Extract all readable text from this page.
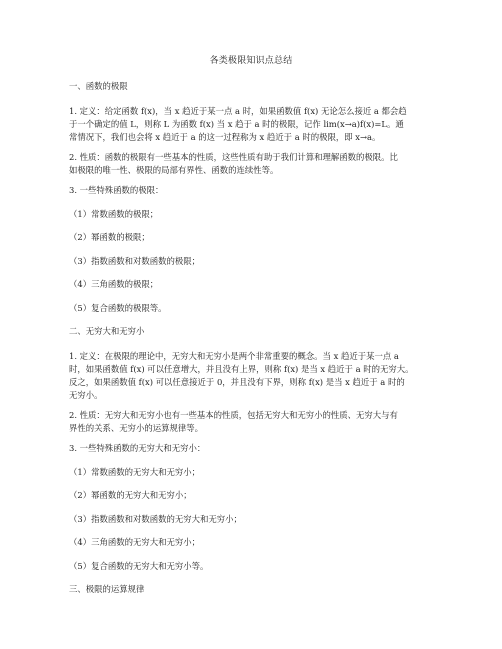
各类极限知识点总结
一、函数的极限
1. 定义：给定函数 f(x)，当 x 趋近于某一点 a 时，如果函数值 f(x) 无论怎么接近 a 都会趋
于一个确定的值 L，则称 L 为函数 f(x) 当 x 趋于 a 时的极限，记作 lim(x→a)f(x)=L。通
常情况下，我们也会将 x 趋近于 a 的这一过程称为 x 趋近于 a 时的极限，即 x→a。
2. 性质：函数的极限有一些基本的性质，这些性质有助于我们计算和理解函数的极限。比
如极限的唯一性、极限的局部有界性、函数的连续性等。
3. 一些特殊函数的极限：
（1）常数函数的极限；
（2）幂函数的极限；
（3）指数函数和对数函数的极限；
（4）三角函数的极限；
（5）复合函数的极限等。
二、无穷大和无穷小
1. 定义：在极限的理论中，无穷大和无穷小是两个非常重要的概念。当 x 趋近于某一点 a
时，如果函数值 f(x) 可以任意增大，并且没有上界，则称 f(x) 是当 x 趋近于 a 时的无穷大。
反之，如果函数值 f(x) 可以任意接近于 0，并且没有下界，则称 f(x) 是当 x 趋近于 a 时的
无穷小。
2. 性质：无穷大和无穷小也有一些基本的性质，包括无穷大和无穷小的性质、无穷大与有
界性的关系、无穷小的运算规律等。
3. 一些特殊函数的无穷大和无穷小：
（1）常数函数的无穷大和无穷小；
（2）幂函数的无穷大和无穷小；
（3）指数函数和对数函数的无穷大和无穷小；
（4）三角函数的无穷大和无穷小；
（5）复合函数的无穷大和无穷小等。
三、极限的运算规律
